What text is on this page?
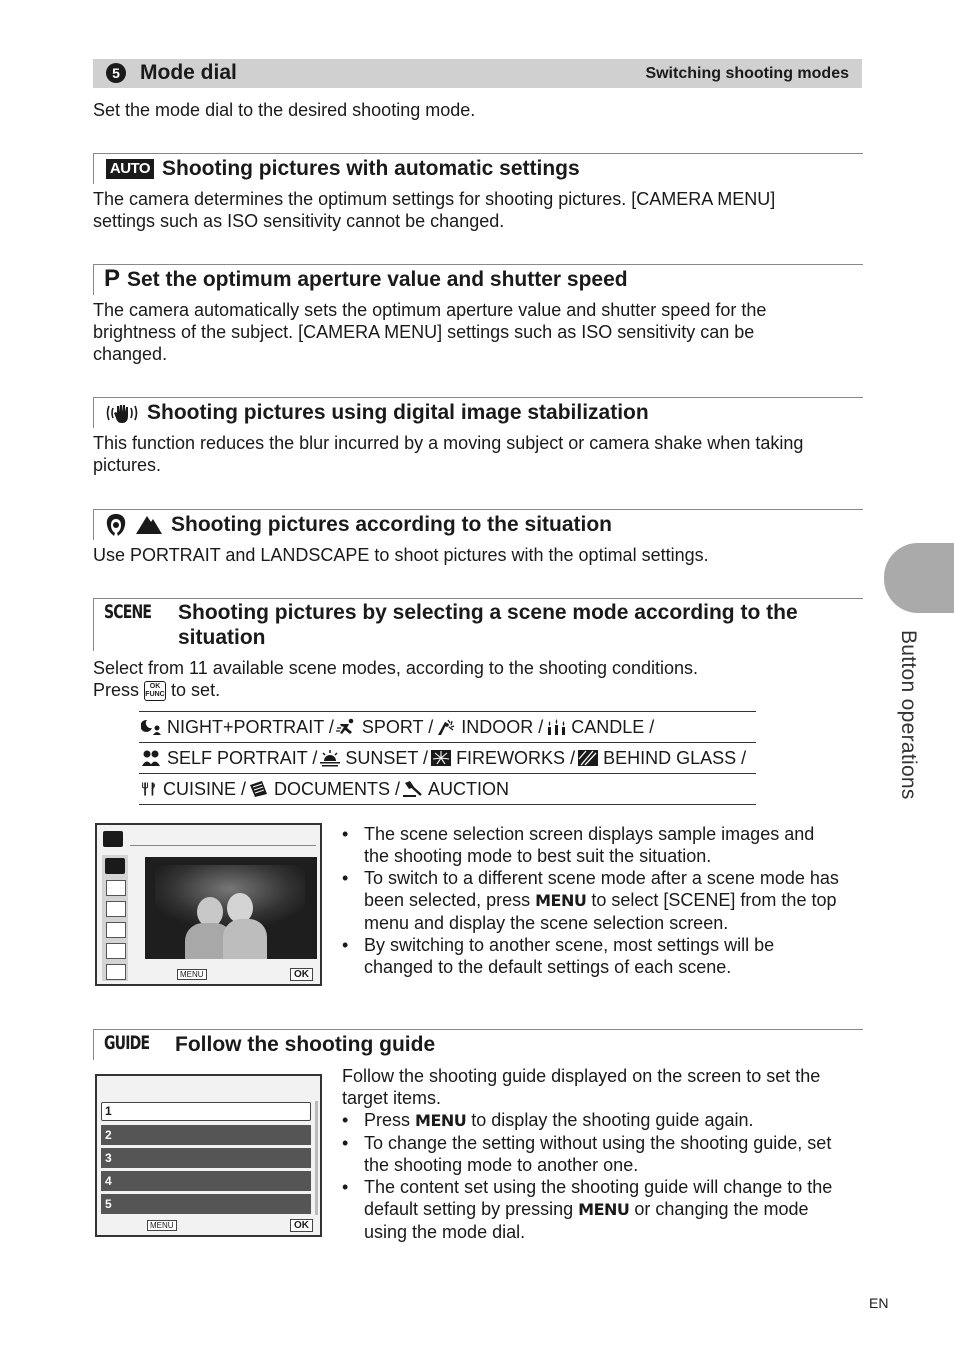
5 Mode dial	Switching shooting modes
Set the mode dial to the desired shooting mode.
AUTO Shooting pictures with automatic settings
The camera determines the optimum settings for shooting pictures. [CAMERA MENU]
settings such as ISO sensitivity cannot be changed.
P Set the optimum aperture value and shutter speed
The camera automatically sets the optimum aperture value and shutter speed for the
brightness of the subject. [CAMERA MENU] settings such as ISO sensitivity can be
changed.
Shooting pictures using digital image stabilization
This function reduces the blur incurred by a moving subject or camera shake when taking
pictures.
Shooting pictures according to the situation
Use PORTRAIT and LANDSCAPE to shoot pictures with the optimal settings.
SCENE Shooting pictures by selecting a scene mode according to the
situation
Select from 11 available scene modes, according to the shooting conditions.
Press OK
FUNC to set.
NIGHT+PORTRAIT / SPORT / INDOOR / CANDLE /
SELF PORTRAIT / SUNSET / FIREWORKS / BEHIND GLASS /
CUISINE / DOCUMENTS / AUCTION
MENU	OK
• The scene selection screen displays sample images and
the shooting mode to best suit the situation.
• To switch to a different scene mode after a scene mode has
been selected, press MENU to select [SCENE] from the top
menu and display the scene selection screen.
• By switching to another scene, most settings will be
changed to the default settings of each scene.
GUIDE Follow the shooting guide
1
2
3
4
5
MENU	OK
Follow the shooting guide displayed on the screen to set the
target items.
• Press MENU to display the shooting guide again.
• To change the setting without using the shooting guide, set
the shooting mode to another one.
• The content set using the shooting guide will change to the
default setting by pressing MENU or changing the mode
using the mode dial.
Button operations
EN
